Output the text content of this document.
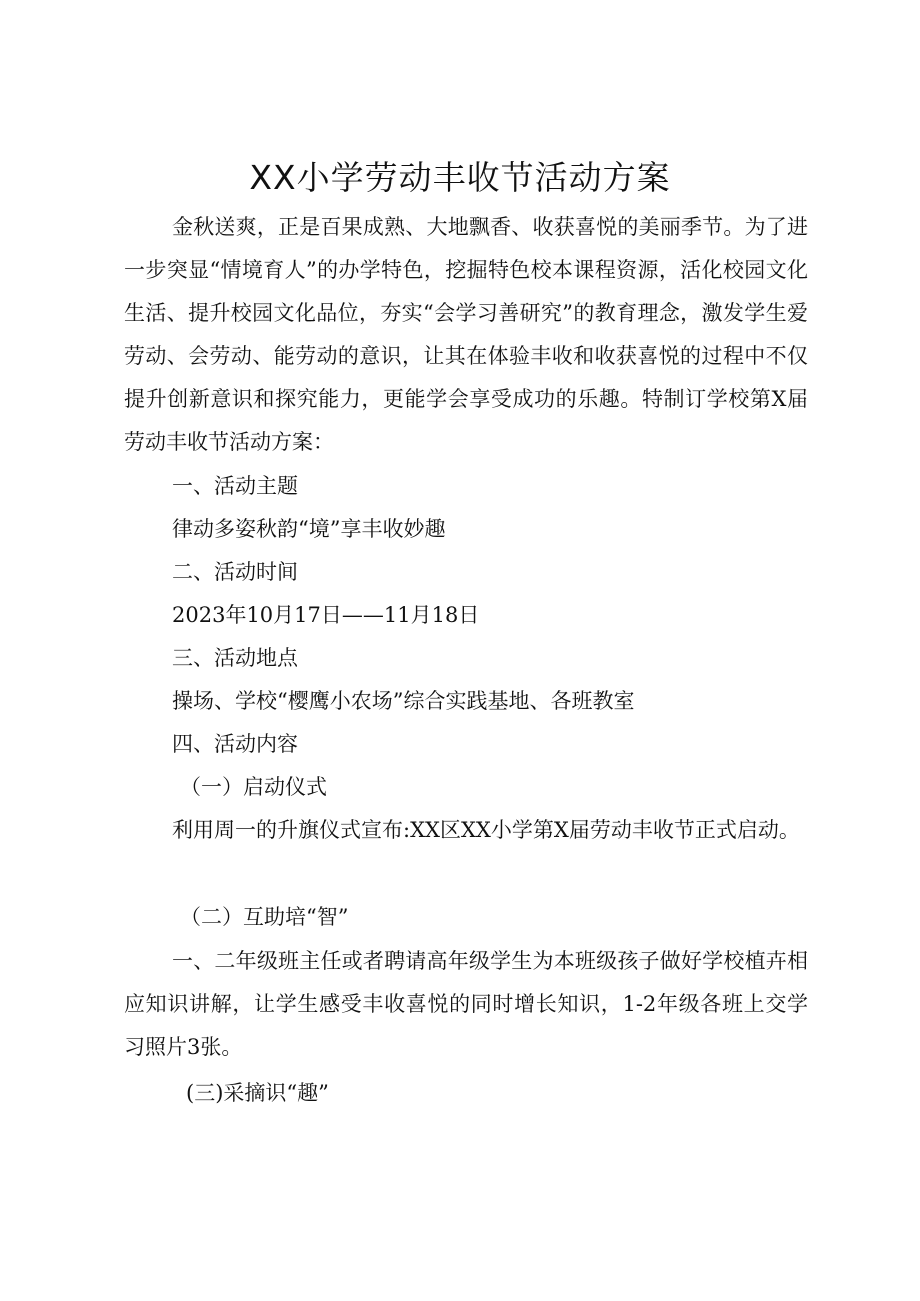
XX小学劳动丰收节活动方案

金秋送爽，正是百果成熟、大地飘香、收获喜悦的美丽季节。为了进一步突显“情境育人”的办学特色，挖掘特色校本课程资源，活化校园文化生活、提升校园文化品位，夯实“会学习善研究”的教育理念，激发学生爱劳动、会劳动、能劳动的意识，让其在体验丰收和收获喜悦的过程中不仅提升创新意识和探究能力，更能学会享受成功的乐趣。特制订学校第X届劳动丰收节活动方案：

一、活动主题

律动多姿秋韵“境”享丰收妙趣

二、活动时间

2023年10月17日——11月18日

三、活动地点

操场、学校“樱鹰小农场”综合实践基地、各班教室

四、活动内容

（一）启动仪式

利用周一的升旗仪式宣布:XX区XX小学第X届劳动丰收节正式启动。

（二）互助培“智”

一、二年级班主任或者聘请高年级学生为本班级孩子做好学校植卉相应知识讲解，让学生感受丰收喜悦的同时增长知识，1-2年级各班上交学习照片3张。

(三)采摘识“趣”
